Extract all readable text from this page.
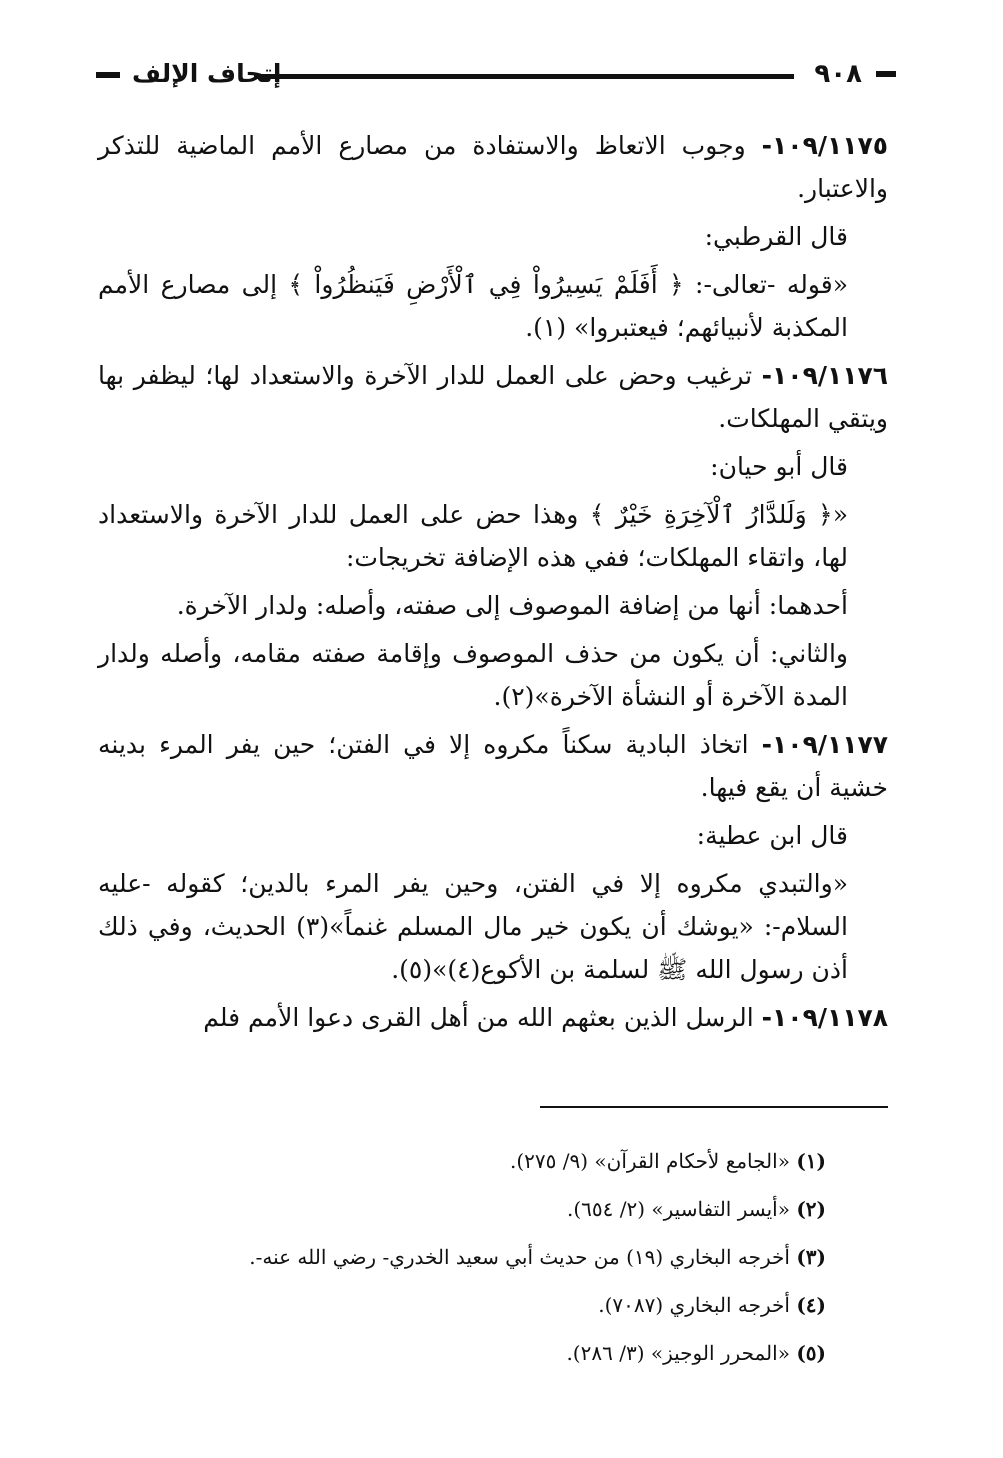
٩٠٨
إتحاف الإلف

١٠٩/١١٧٥- وجوب الاتعاظ والاستفادة من مصارع الأمم الماضية للتذكر والاعتبار.

قال القرطبي:

«قوله -تعالى-: ﴿ أَفَلَمْ يَسِيرُواْ فِي ٱلْأَرْضِ فَيَنظُرُواْ ﴾ إلى مصارع الأمم المكذبة لأنبيائهم؛ فيعتبروا» (١).

١٠٩/١١٧٦- ترغيب وحض على العمل للدار الآخرة والاستعداد لها؛ ليظفر بها ويتقي المهلكات.

قال أبو حيان:

«﴿ وَلَلدَّارُ ٱلْآخِرَةِ خَيْرٌ ﴾ وهذا حض على العمل للدار الآخرة والاستعداد لها، واتقاء المهلكات؛ ففي هذه الإضافة تخريجات:

أحدهما: أنها من إضافة الموصوف إلى صفته، وأصله: ولدار الآخرة.

والثاني: أن يكون من حذف الموصوف وإقامة صفته مقامه، وأصله ولدار المدة الآخرة أو النشأة الآخرة»(٢).

١٠٩/١١٧٧- اتخاذ البادية سكناً مكروه إلا في الفتن؛ حين يفر المرء بدينه خشية أن يقع فيها.

قال ابن عطية:

«والتبدي مكروه إلا في الفتن، وحين يفر المرء بالدين؛ كقوله -عليه السلام-: «يوشك أن يكون خير مال المسلم غنماً»(٣) الحديث، وفي ذلك أذن رسول الله ﷺ لسلمة بن الأكوع(٤)»(٥).

١٠٩/١١٧٨- الرسل الذين بعثهم الله من أهل القرى دعوا الأمم فلم

(١) «الجامع لأحكام القرآن» (٩/ ٢٧٥).
(٢) «أيسر التفاسير» (٢/ ٦٥٤).
(٣) أخرجه البخاري (١٩) من حديث أبي سعيد الخدري- رضي الله عنه-.
(٤) أخرجه البخاري (٧٠٨٧).
(٥) «المحرر الوجيز» (٣/ ٢٨٦).
